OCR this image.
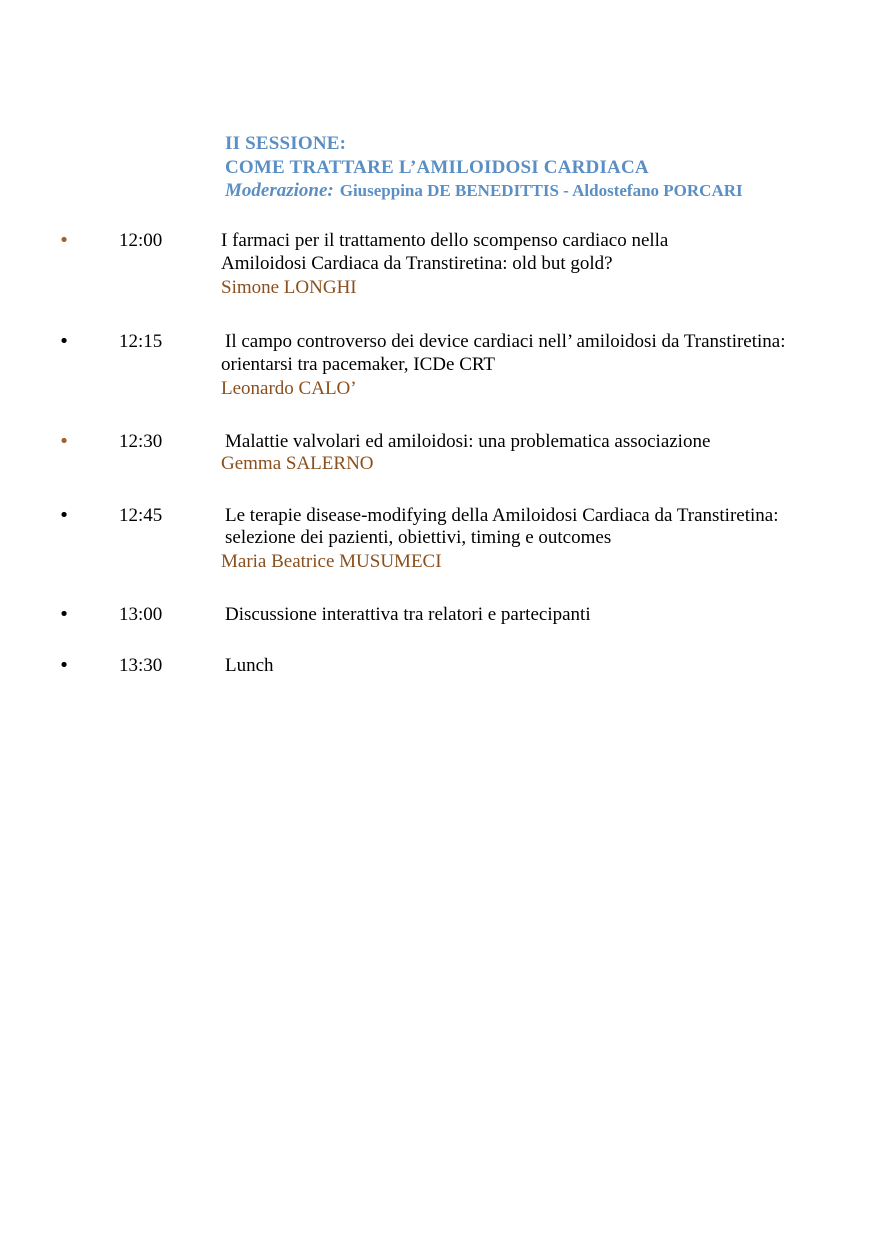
II SESSIONE:
COME TRATTARE L’AMILOIDOSI CARDIACA
Moderazione: Giuseppina DE BENEDITTIS - Aldostefano PORCARI
•	12:00	I farmaci per il trattamento dello scompenso cardiaco nella
Amiloidosi Cardiaca da Transtiretina: old but gold?
Simone LONGHI
•	12:15	Il campo controverso dei device cardiaci nell’ amiloidosi da Transtiretina:
orientarsi tra pacemaker, ICDe CRT
Leonardo CALO’
•	12:30	Malattie valvolari ed amiloidosi: una problematica associazione
Gemma SALERNO
•	12:45	Le terapie disease-modifying della Amiloidosi Cardiaca da Transtiretina:
selezione dei pazienti, obiettivi, timing e outcomes
Maria Beatrice MUSUMECI
•	13:00	Discussione interattiva tra relatori e partecipanti
•	13:30	Lunch
